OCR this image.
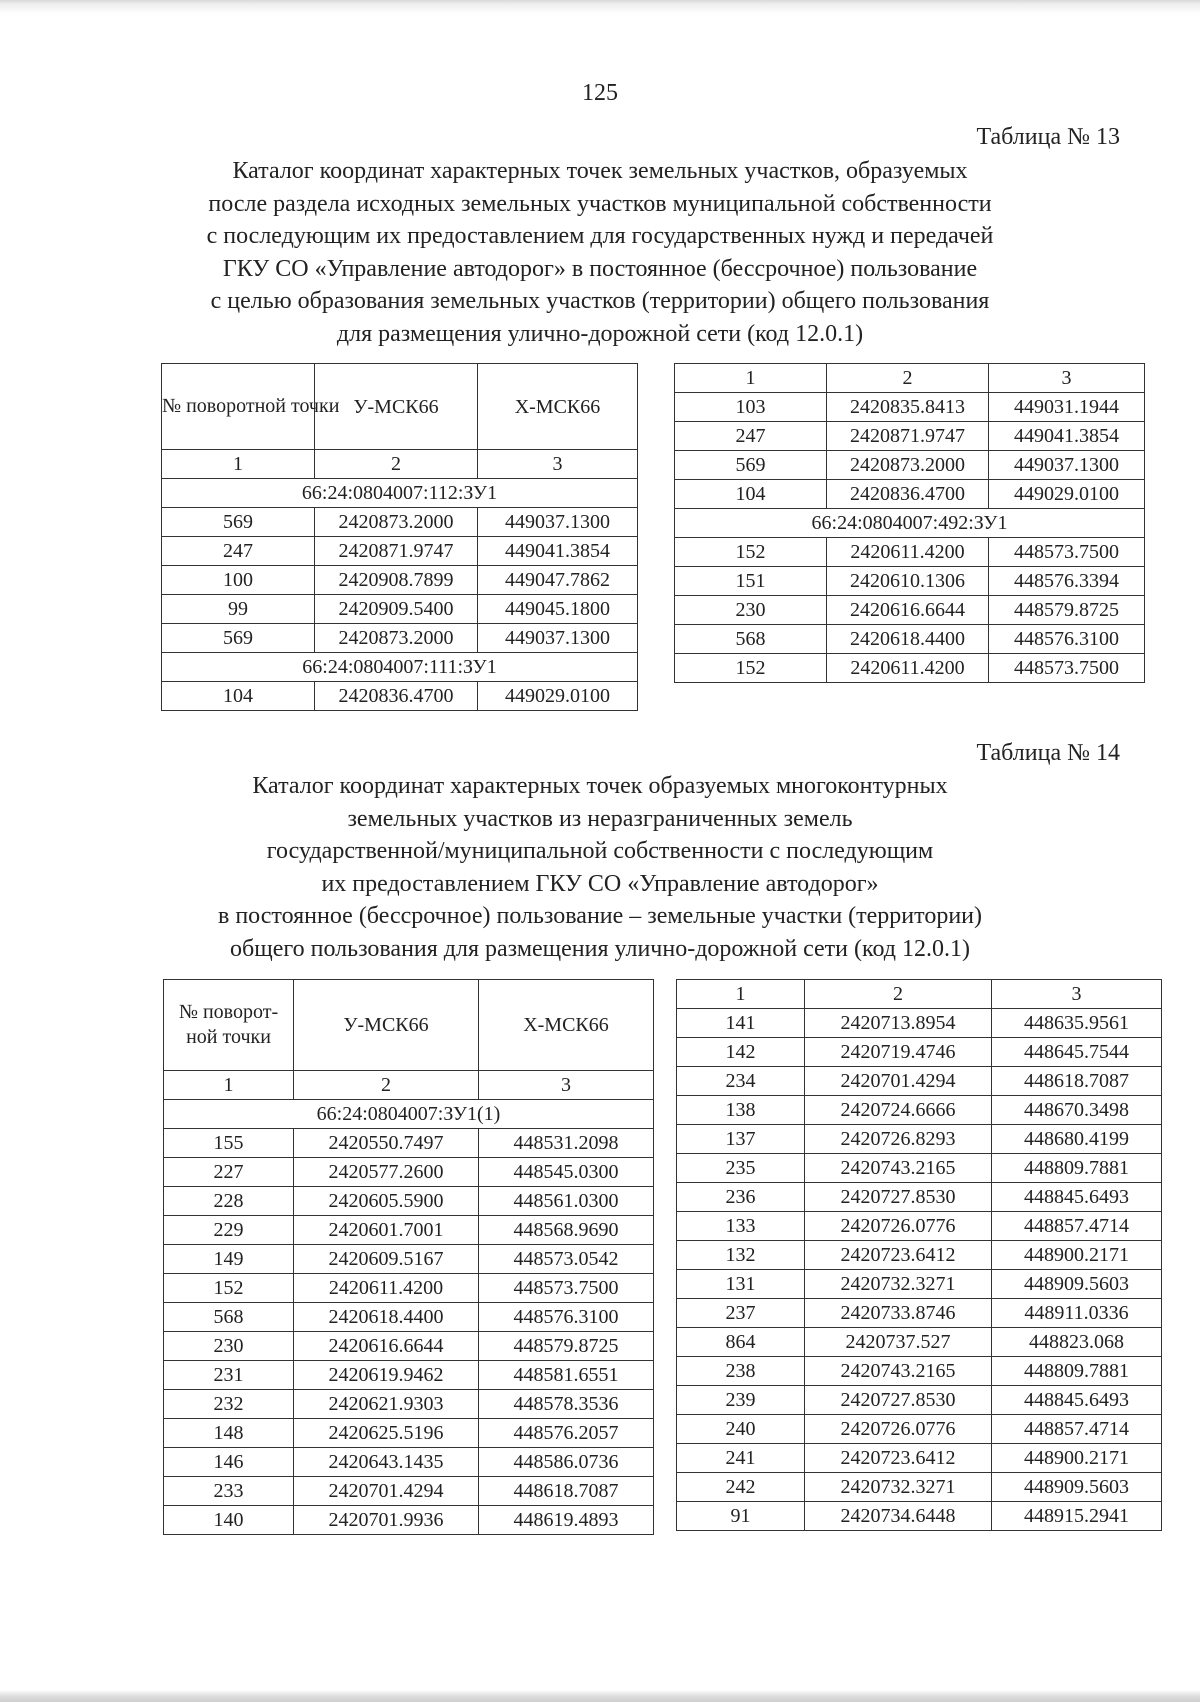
125
Таблица № 13
Каталог координат характерных точек земельных участков, образуемых
после раздела исходных земельных участков муниципальной собственности
с последующим их предоставлением для государственных нужд и передачей
ГКУ СО «Управление автодорог» в постоянное (бессрочное) пользование
с целью образования земельных участков (территории) общего пользования
для размещения улично-дорожной сети (код 12.0.1)
№ поворотной точки	У-МСК66	Х-МСК66
1	2	3
66:24:0804007:112:ЗУ1		
569	2420873.2000	449037.1300
247	2420871.9747	449041.3854
100	2420908.7899	449047.7862
99	2420909.5400	449045.1800
569	2420873.2000	449037.1300
66:24:0804007:111:ЗУ1		
104	2420836.4700	449029.0100
1	2	3
103	2420835.8413	449031.1944
247	2420871.9747	449041.3854
569	2420873.2000	449037.1300
104	2420836.4700	449029.0100
66:24:0804007:492:ЗУ1		
152	2420611.4200	448573.7500
151	2420610.1306	448576.3394
230	2420616.6644	448579.8725
568	2420618.4400	448576.3100
152	2420611.4200	448573.7500
Таблица № 14
Каталог координат характерных точек образуемых многоконтурных
земельных участков из неразграниченных земель
государственной/муниципальной собственности с последующим
их предоставлением ГКУ СО «Управление автодорог»
в постоянное (бессрочное) пользование – земельные участки (территории)
общего пользования для размещения улично-дорожной сети (код 12.0.1)
№ поворот-ной точки	У-МСК66	Х-МСК66
1	2	3
66:24:0804007:ЗУ1(1)		
155	2420550.7497	448531.2098
227	2420577.2600	448545.0300
228	2420605.5900	448561.0300
229	2420601.7001	448568.9690
149	2420609.5167	448573.0542
152	2420611.4200	448573.7500
568	2420618.4400	448576.3100
230	2420616.6644	448579.8725
231	2420619.9462	448581.6551
232	2420621.9303	448578.3536
148	2420625.5196	448576.2057
146	2420643.1435	448586.0736
233	2420701.4294	448618.7087
140	2420701.9936	448619.4893
1	2	3
141	2420713.8954	448635.9561
142	2420719.4746	448645.7544
234	2420701.4294	448618.7087
138	2420724.6666	448670.3498
137	2420726.8293	448680.4199
235	2420743.2165	448809.7881
236	2420727.8530	448845.6493
133	2420726.0776	448857.4714
132	2420723.6412	448900.2171
131	2420732.3271	448909.5603
237	2420733.8746	448911.0336
864	2420737.527	448823.068
238	2420743.2165	448809.7881
239	2420727.8530	448845.6493
240	2420726.0776	448857.4714
241	2420723.6412	448900.2171
242	2420732.3271	448909.5603
91	2420734.6448	448915.2941
